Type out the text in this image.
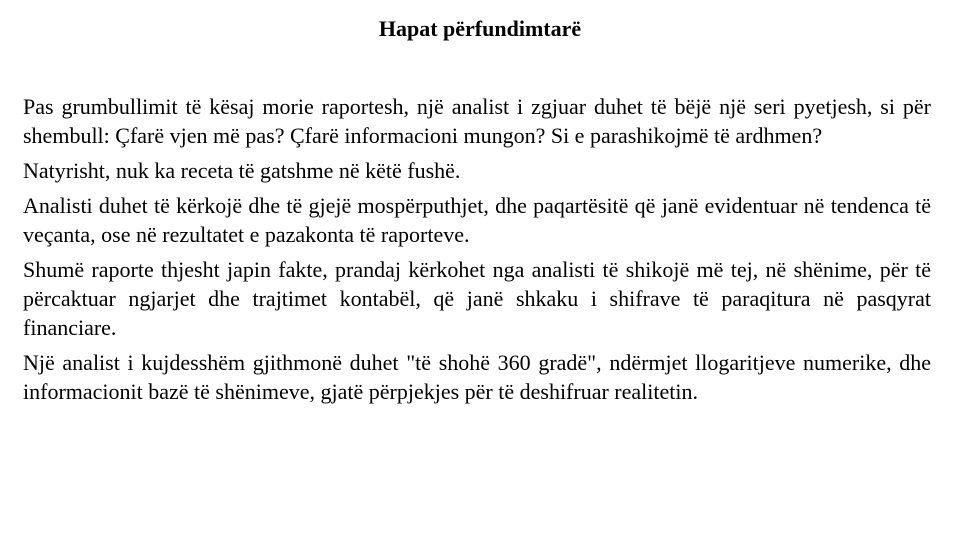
Hapat përfundimtarë

Pas grumbullimit të kësaj morie raportesh, një analist i zgjuar duhet të bëjë një seri pyetjesh, si për shembull: Çfarë vjen më pas? Çfarë informacioni mungon? Si e parashikojmë të ardhmen?

Natyrisht, nuk ka receta të gatshme në këtë fushë.

Analisti duhet të kërkojë dhe të gjejë mospërputhjet, dhe paqartësitë që janë evidentuar në tendenca të veçanta, ose në rezultatet e pazakonta të raporteve.

Shumë raporte thjesht japin fakte, prandaj kërkohet nga analisti të shikojë më tej, në shënime, për të përcaktuar ngjarjet dhe trajtimet kontabël, që janë shkaku i shifrave të paraqitura në pasqyrat financiare.

Një analist i kujdesshëm gjithmonë duhet "të shohë 360 gradë", ndërmjet llogaritjeve numerike, dhe informacionit bazë të shënimeve, gjatë përpjekjes për të deshifruar realitetin.
